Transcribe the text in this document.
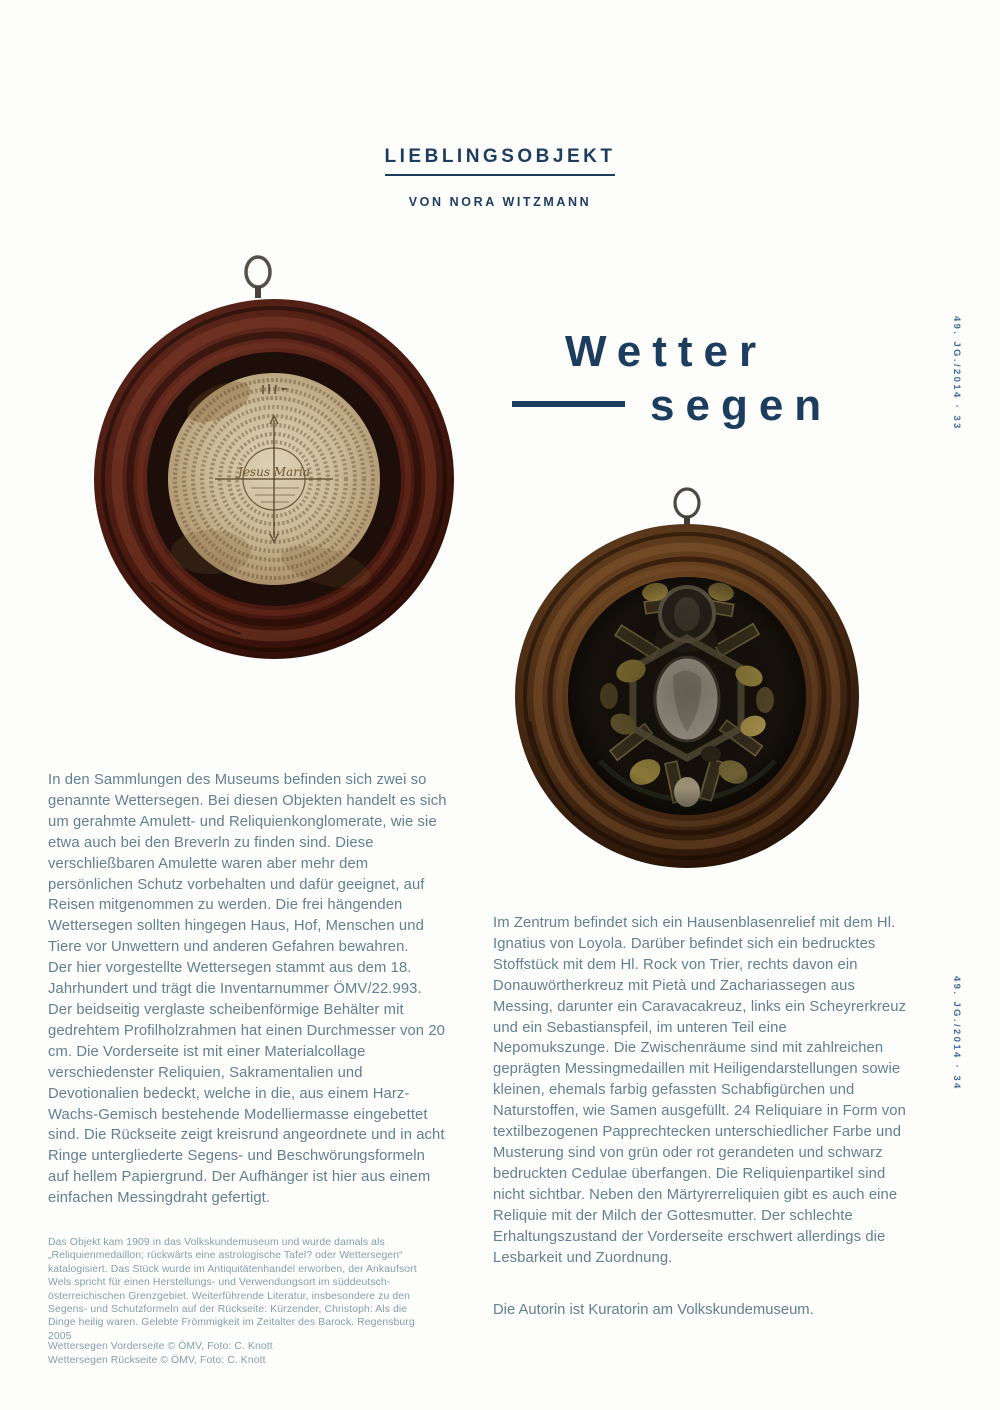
LIEBLINGSOBJEKT
VON NORA WITZMANN
49. JG./2014 · 33
49. JG./2014 · 34
Wetter
segen
Jesus Maria

In den Sammlungen des Museums befinden sich zwei so genannte Wettersegen. Bei diesen Objekten handelt es sich um gerahmte Amulett- und Reliquienkonglomerate, wie sie etwa auch bei den Breverln zu finden sind. Diese verschließbaren Amulette waren aber mehr dem persönlichen Schutz vorbehalten und dafür geeignet, auf Reisen mitgenommen zu werden. Die frei hängenden Wettersegen sollten hingegen Haus, Hof, Menschen und Tiere vor Unwettern und anderen Gefahren bewahren.

Der hier vorgestellte Wettersegen stammt aus dem 18. Jahrhundert und trägt die Inventarnummer ÖMV/22.993. Der beidseitig verglaste scheibenförmige Behälter mit gedrehtem Profilholzrahmen hat einen Durchmesser von 20 cm. Die Vorderseite ist mit einer Materialcollage verschiedenster Reliquien, Sakramentalien und Devotionalien bedeckt, welche in die, aus einem Harz-Wachs-Gemisch bestehende Modelliermasse eingebettet sind. Die Rückseite zeigt kreisrund angeordnete und in acht Ringe untergliederte Segens- und Beschwörungsformeln auf hellem Papiergrund. Der Aufhänger ist hier aus einem einfachen Messingdraht gefertigt.

Im Zentrum befindet sich ein Hausenblasenrelief mit dem Hl. Ignatius von Loyola. Darüber befindet sich ein bedrucktes Stoffstück mit dem Hl. Rock von Trier, rechts davon ein Donauwörtherkreuz mit Pietà und Zachariassegen aus Messing, darunter ein Caravacakreuz, links ein Scheyrerkreuz und ein Sebastianspfeil, im unteren Teil eine Nepomukszunge. Die Zwischenräume sind mit zahlreichen geprägten Messingmedaillen mit Heiligendarstellungen sowie kleinen, ehemals farbig gefassten Schabfigürchen und Naturstoffen, wie Samen ausgefüllt. 24 Reliquiare in Form von textilbezogenen Papprechtecken unterschiedlicher Farbe und Musterung sind von grün oder rot gerandeten und schwarz bedruckten Cedulae überfangen. Die Reliquienpartikel sind nicht sichtbar. Neben den Märtyrerreliquien gibt es auch eine Reliquie mit der Milch der Gottesmutter. Der schlechte Erhaltungszustand der Vorderseite erschwert allerdings die Lesbarkeit und Zuordnung.

Die Autorin ist Kuratorin am Volkskundemuseum.
Das Objekt kam 1909 in das Volkskundemuseum und wurde damals als „Reliquienmedaillon; rückwärts eine astrologische Tafel? oder Wettersegen“ katalogisiert. Das Stück wurde im Antiquitätenhandel erworben, der Ankaufsort Wels spricht für einen Herstellungs- und Verwendungsort im süddeutsch-österreichischen Grenzgebiet. Weiterführende Literatur, insbesondere zu den Segens- und Schutzformeln auf der Rückseite: Kürzender, Christoph: Als die Dinge heilig waren. Gelebte Frömmigkeit im Zeitalter des Barock. Regensburg 2005
Wettersegen Vorderseite © ÖMV, Foto: C. Knott
Wettersegen Rückseite © ÖMV, Foto: C. Knott
